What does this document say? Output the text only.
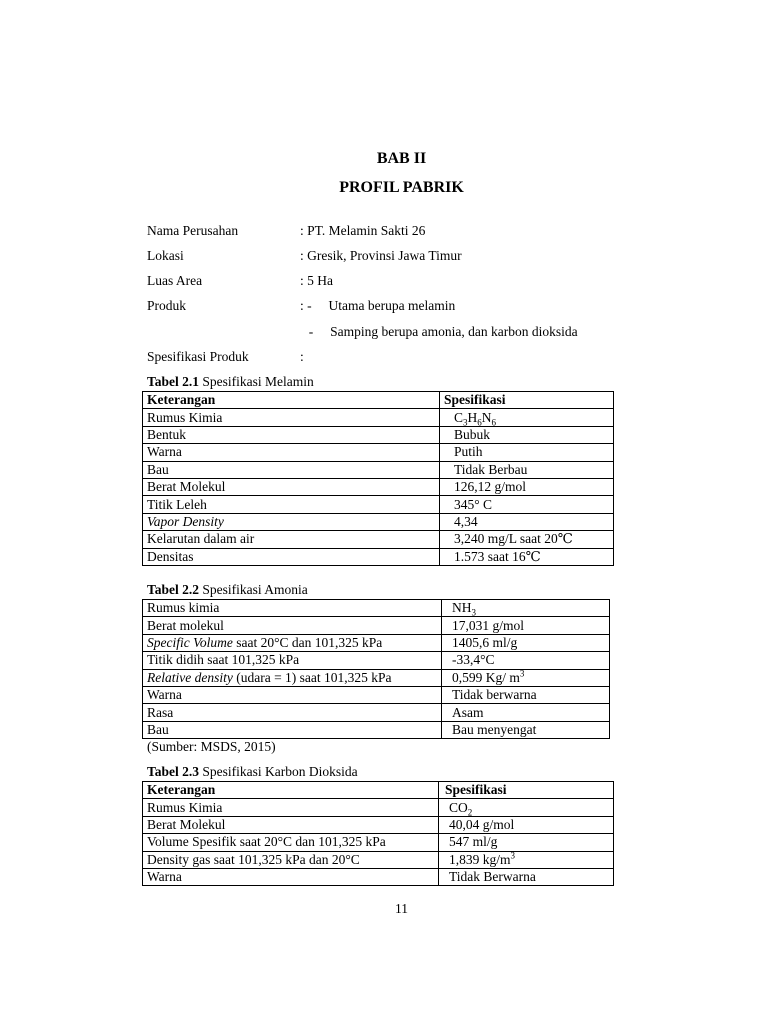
BAB II
PROFIL PABRIK
Nama Perusahan	: PT. Melamin Sakti 26
Lokasi	: Gresik, Provinsi Jawa Timur
Luas Area	: 5 Ha
Produk	: -     Utama berupa melamin
-     Samping berupa amonia, dan karbon dioksida
Spesifikasi Produk	:
Tabel 2.1 Spesifikasi Melamin
Keterangan	Spesifikasi
Rumus Kimia	$C_3H_6N_6$
Bentuk	Bubuk
Warna	Putih
Bau	Tidak Berbau
Berat Molekul	126,12 g/mol
Titik Leleh	345° C
Vapor Density	4,34
Kelarutan dalam air	3,240 mg/L saat 20℃
Densitas	1.573 saat 16℃
Tabel 2.2 Spesifikasi Amonia
Rumus kimia	$NH_3$
Berat molekul	17,031 g/mol
Specific Volume saat 20°C dan 101,325 kPa	1405,6 ml/g
Titik didih saat 101,325 kPa	-33,4°C
Relative density (udara = 1) saat 101,325 kPa	0,599 Kg/ $m^3$
Warna	Tidak berwarna
Rasa	Asam
Bau	Bau menyengat
(Sumber: MSDS, 2015)
Tabel 2.3 Spesifikasi Karbon Dioksida
Keterangan	Spesifikasi
Rumus Kimia	$CO_2$
Berat Molekul	40,04 g/mol
Volume Spesifik saat 20°C dan 101,325 kPa	547 ml/g
Density gas saat 101,325 kPa dan 20°C	1,839 $kg/m^3$
Warna	Tidak Berwarna
11
